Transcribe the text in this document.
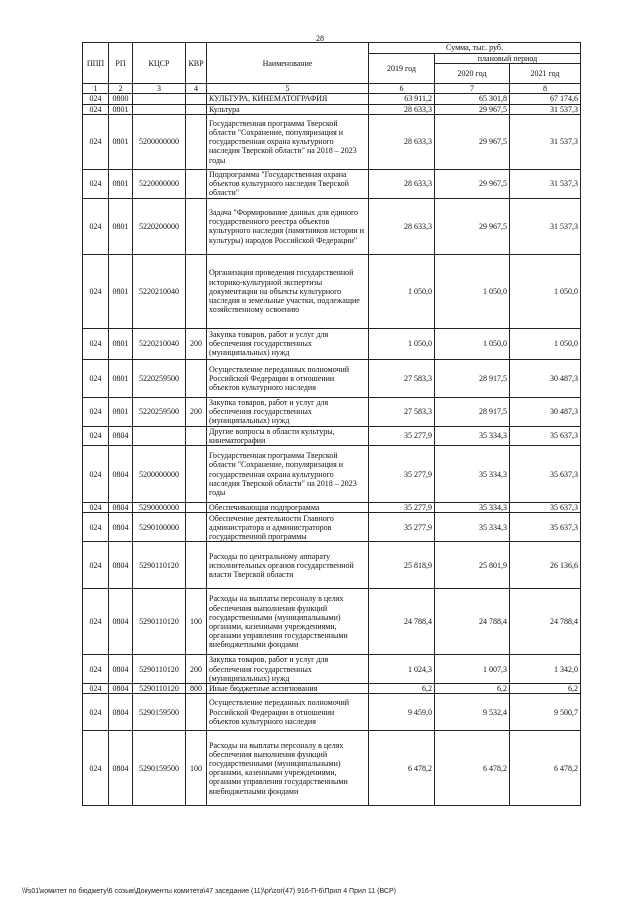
28
ППП	РП	КЦСР	КВР	Наименование	Сумма, тыс. руб.		
					2019 год	плановый период	
						2020 год	2021 год
1	2	3	4	5	6	7	8
024	0800			КУЛЬТУРА, КИНЕМАТОГРАФИЯ	63 911,2	65 301,8	67 174,6
024	0801			Культура	28 633,3	29 967,5	31 537,3
024	0801	5200000000		Государственная программа Тверской области "Сохранение, популяризация и государственная охрана культурного наследия Тверской области" на 2018 – 2023 годы	28 633,3	29 967,5	31 537,3
024	0801	5220000000		Подпрограмма "Государственная охрана объектов культурного наследия Тверской области"	28 633,3	29 967,5	31 537,3
024	0801	5220200000		Задача "Формирование данных для единого государственного реестра объектов культурного наследия (памятников истории и культуры) народов Российской Федерации"	28 633,3	29 967,5	31 537,3
024	0801	5220210040		Организация проведения государственной историко-культурной экспертизы документации на объекты культурного наследия и земельные участки, подлежащие хозяйственному освоению	1 050,0	1 050,0	1 050,0
024	0801	5220210040	200	Закупка товаров, работ и услуг для обеспечения государственных (муниципальных) нужд	1 050,0	1 050,0	1 050,0
024	0801	5220259500		Осуществление переданных полномочий Российской Федерации в отношении объектов культурного наследия	27 583,3	28 917,5	30 487,3
024	0801	5220259500	200	Закупка товаров, работ и услуг для обеспечения государственных (муниципальных) нужд	27 583,3	28 917,5	30 487,3
024	0804			Другие вопросы в области культуры, кинематографии	35 277,9	35 334,3	35 637,3
024	0804	5200000000		Государственная программа Тверской области "Сохранение, популяризация и государственная охрана культурного наследия Тверской области" на 2018 – 2023 годы	35 277,9	35 334,3	35 637,3
024	0804	5290000000		Обеспечивающая подпрограмма	35 277,9	35 334,3	35 637,3
024	0804	5290100000		Обеспечение деятельности Главного администратора и администраторов государственной программы	35 277,9	35 334,3	35 637,3
024	0804	5290110120		Расходы по центральному аппарату исполнительных органов государственной власти Тверской области	25 818,9	25 801,9	26 136,6
024	0804	5290110120	100	Расходы на выплаты персоналу в целях обеспечения выполнения функций государственными (муниципальными) органами, казенными учреждениями, органами управления государственными внебюджетными фондами	24 788,4	24 788,4	24 788,4
024	0804	5290110120	200	Закупка товаров, работ и услуг для обеспечения государственных (муниципальных) нужд	1 024,3	1 007,3	1 342,0
024	0804	5290110120	800	Иные бюджетные ассигнования	6,2	6,2	6,2
024	0804	5290159500		Осуществление переданных полномочий Российской Федерации в отношении объектов культурного наследия	9 459,0	9 532,4	9 500,7
024	0804	5290159500	100	Расходы на выплаты персоналу в целях обеспечения выполнения функций государственными (муниципальными) органами, казенными учреждениями, органами управления государственными внебюджетными фондами	6 478,2	6 478,2	6 478,2
\\fs01\комитет по бюджету\6 созыв\Документы комитета\47 заседание (11)\pr\zor(47) 916-П-6\Прил 4 Прил 11 (ВСР)
